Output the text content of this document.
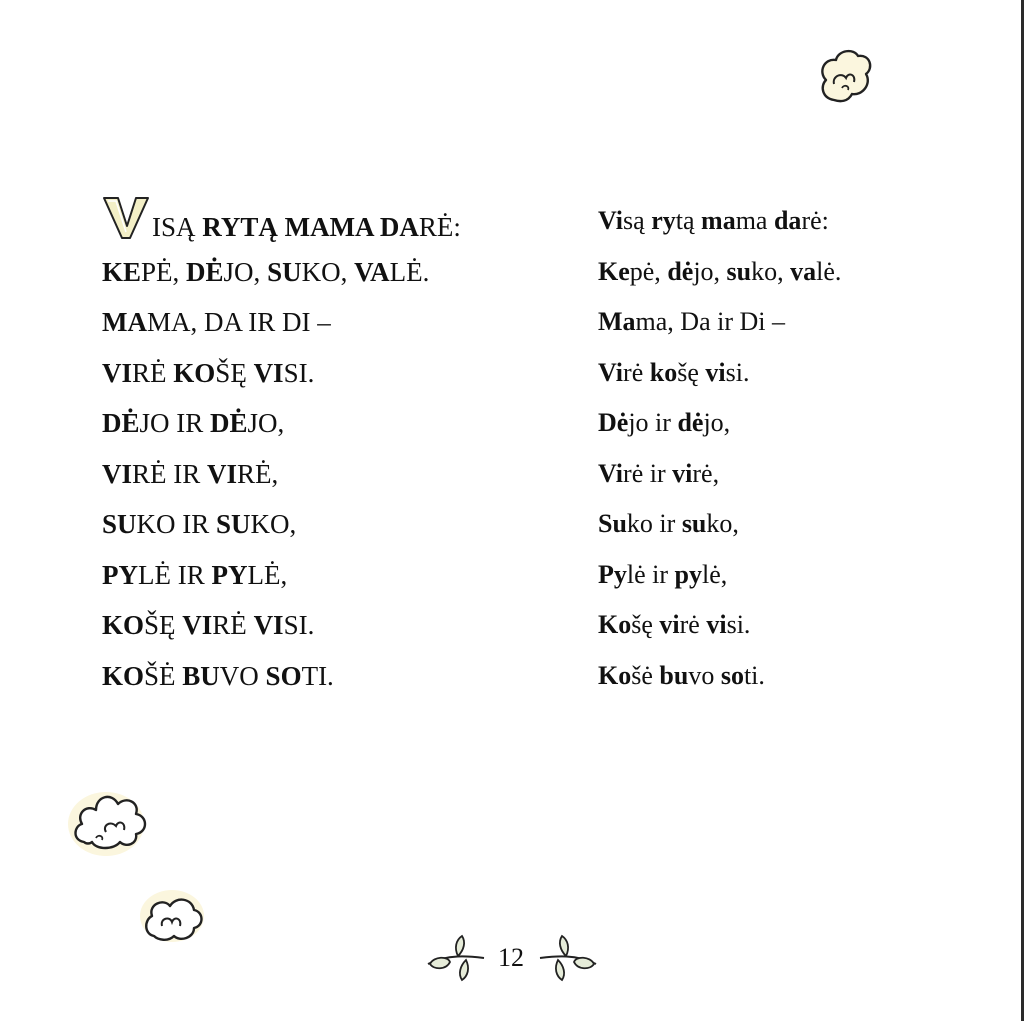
ISĄ RYTĄ MAMA DARĖ:
KEPĖ, DĖJO, SUKO, VALĖ.
MAMA, DA IR DI –
VIRĖ KOŠĘ VISI.
DĖJO IR DĖJO,
VIRĖ IR VIRĖ,
SUKO IR SUKO,
PYLĖ IR PYLĖ,
KOŠĘ VIRĖ VISI.
KOŠĖ BUVO SOTI.
Visą rytą mama darė:
Kepė, dėjo, suko, valė.
Mama, Da ir Di –
Virė košę visi.
Dėjo ir dėjo,
Virė ir virė,
Suko ir suko,
Pylė ir pylė,
Košę virė visi.
Košė buvo soti.
12
